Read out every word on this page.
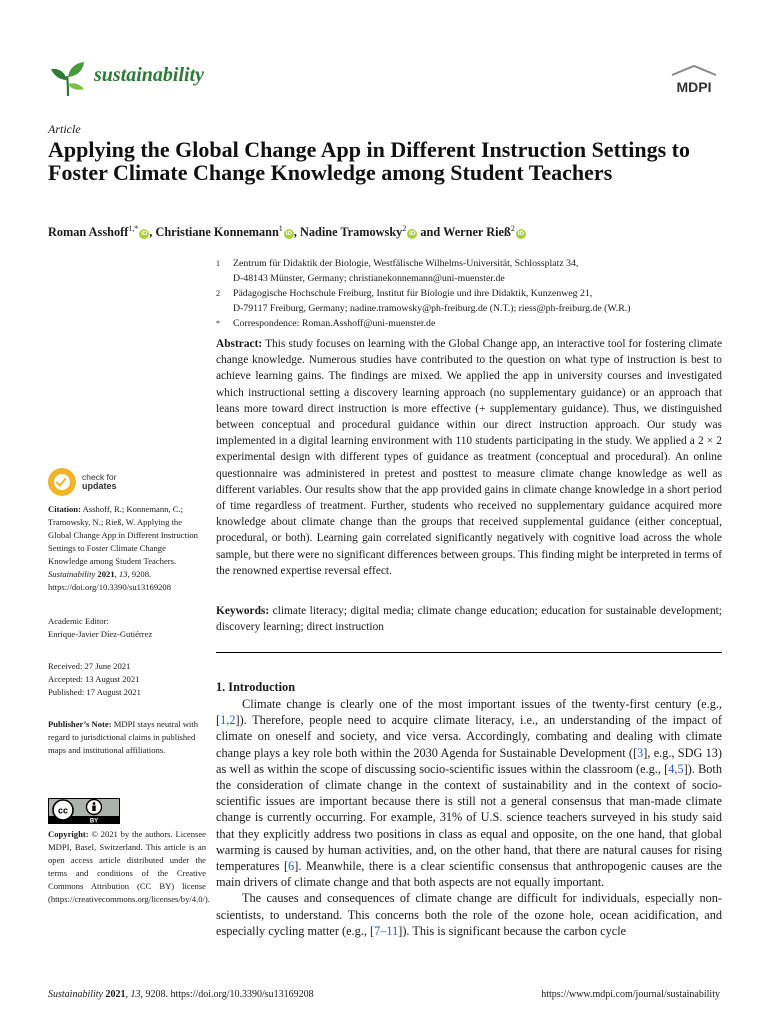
sustainability
MDPI
Article
Applying the Global Change App in Different Instruction Settings to Foster Climate Change Knowledge among Student Teachers
Roman Asshoff$^{1,*}$iD , Christiane Konnemann$^1$iD , Nadine Tramowsky$^2$iD and Werner Rieß$^2$iD
1 Zentrum für Didaktik der Biologie, Westfälische Wilhelms-Universität, Schlossplatz 34,
D-48143 Münster, Germany; christianekonnemann@uni-muenster.de
2 Pädagogische Hochschule Freiburg, Institut für Biologie und ihre Didaktik, Kunzenweg 21,
D-79117 Freiburg, Germany; nadine.tramowsky@ph-freiburg.de (N.T.); riess@ph-freiburg.de (W.R.)
* Correspondence: Roman.Asshoff@uni-muenster.de
Abstract: This study focuses on learning with the Global Change app, an interactive tool for fostering climate change knowledge. Numerous studies have contributed to the question on what type of instruction is best to achieve learning gains. The findings are mixed. We applied the app in university courses and investigated which instructional setting a discovery learning approach (no supplementary guidance) or an approach that leans more toward direct instruction is more effective (+ supplementary guidance). Thus, we distinguished between conceptual and procedural guidance within our direct instruction approach. Our study was implemented in a digital learning environment with 110 students participating in the study. We applied a 2 × 2 experimental design with different types of guidance as treatment (conceptual and procedural). An online questionnaire was administered in pretest and posttest to measure climate change knowledge as well as different variables. Our results show that the app provided gains in climate change knowledge in a short period of time regardless of treatment. Further, students who received no supplementary guidance acquired more knowledge about climate change than the groups that received supplemental guidance (either conceptual, procedural, or both). Learning gain correlated significantly negatively with cognitive load across the whole sample, but there were no significant differences between groups. This finding might be interpreted in terms of the renowned expertise reversal effect.
Keywords: climate literacy; digital media; climate change education; education for sustainable development; discovery learning; direct instruction
1. Introduction

Climate change is clearly one of the most important issues of the twenty-first century (e.g., [1,2]). Therefore, people need to acquire climate literacy, i.e., an understanding of the impact of climate on oneself and society, and vice versa. Accordingly, combating and dealing with climate change plays a key role both within the 2030 Agenda for Sustainable Development ([3], e.g., SDG 13) as well as within the scope of discussing socio-scientific issues within the classroom (e.g., [4,5]). Both the consideration of climate change in the context of sustainability and in the context of socio-scientific issues are important because there is still not a general consensus that man-made climate change is currently occurring. For example, 31% of U.S. science teachers surveyed in his study said that they explicitly address two positions in class as equal and opposite, on the one hand, that global warming is caused by human activities, and, on the other hand, that there are natural causes for rising temperatures [6]. Meanwhile, there is a clear scientific consensus that anthropogenic causes are the main drivers of climate change and that both aspects are not equally important.

The causes and consequences of climate change are difficult for individuals, especially non-scientists, to understand. This concerns both the role of the ozone hole, ocean acidification, and especially cycling matter (e.g., [7–11]). This is significant because the carbon cycle

check for
updates
Citation: Asshoff, R.; Konnemann, C.; Tramowsky, N.; Rieß, W. Applying the Global Change App in Different Instruction Settings to Foster Climate Change Knowledge among Student Teachers. Sustainability 2021, 13, 9208. https://doi.org/10.3390/su13169208
Academic Editor:
Enrique-Javier Díez-Gutiérrez
Received: 27 June 2021
Accepted: 13 August 2021
Published: 17 August 2021
Publisher’s Note: MDPI stays neutral with regard to jurisdictional claims in published maps and institutional affiliations.
cc
BY
Copyright: © 2021 by the authors. Licensee MDPI, Basel, Switzerland. This article is an open access article distributed under the terms and conditions of the Creative Commons Attribution (CC BY) license (https://creativecommons.org/licenses/by/4.0/).
Sustainability 2021, 13, 9208. https://doi.org/10.3390/su13169208	https://www.mdpi.com/journal/sustainability
